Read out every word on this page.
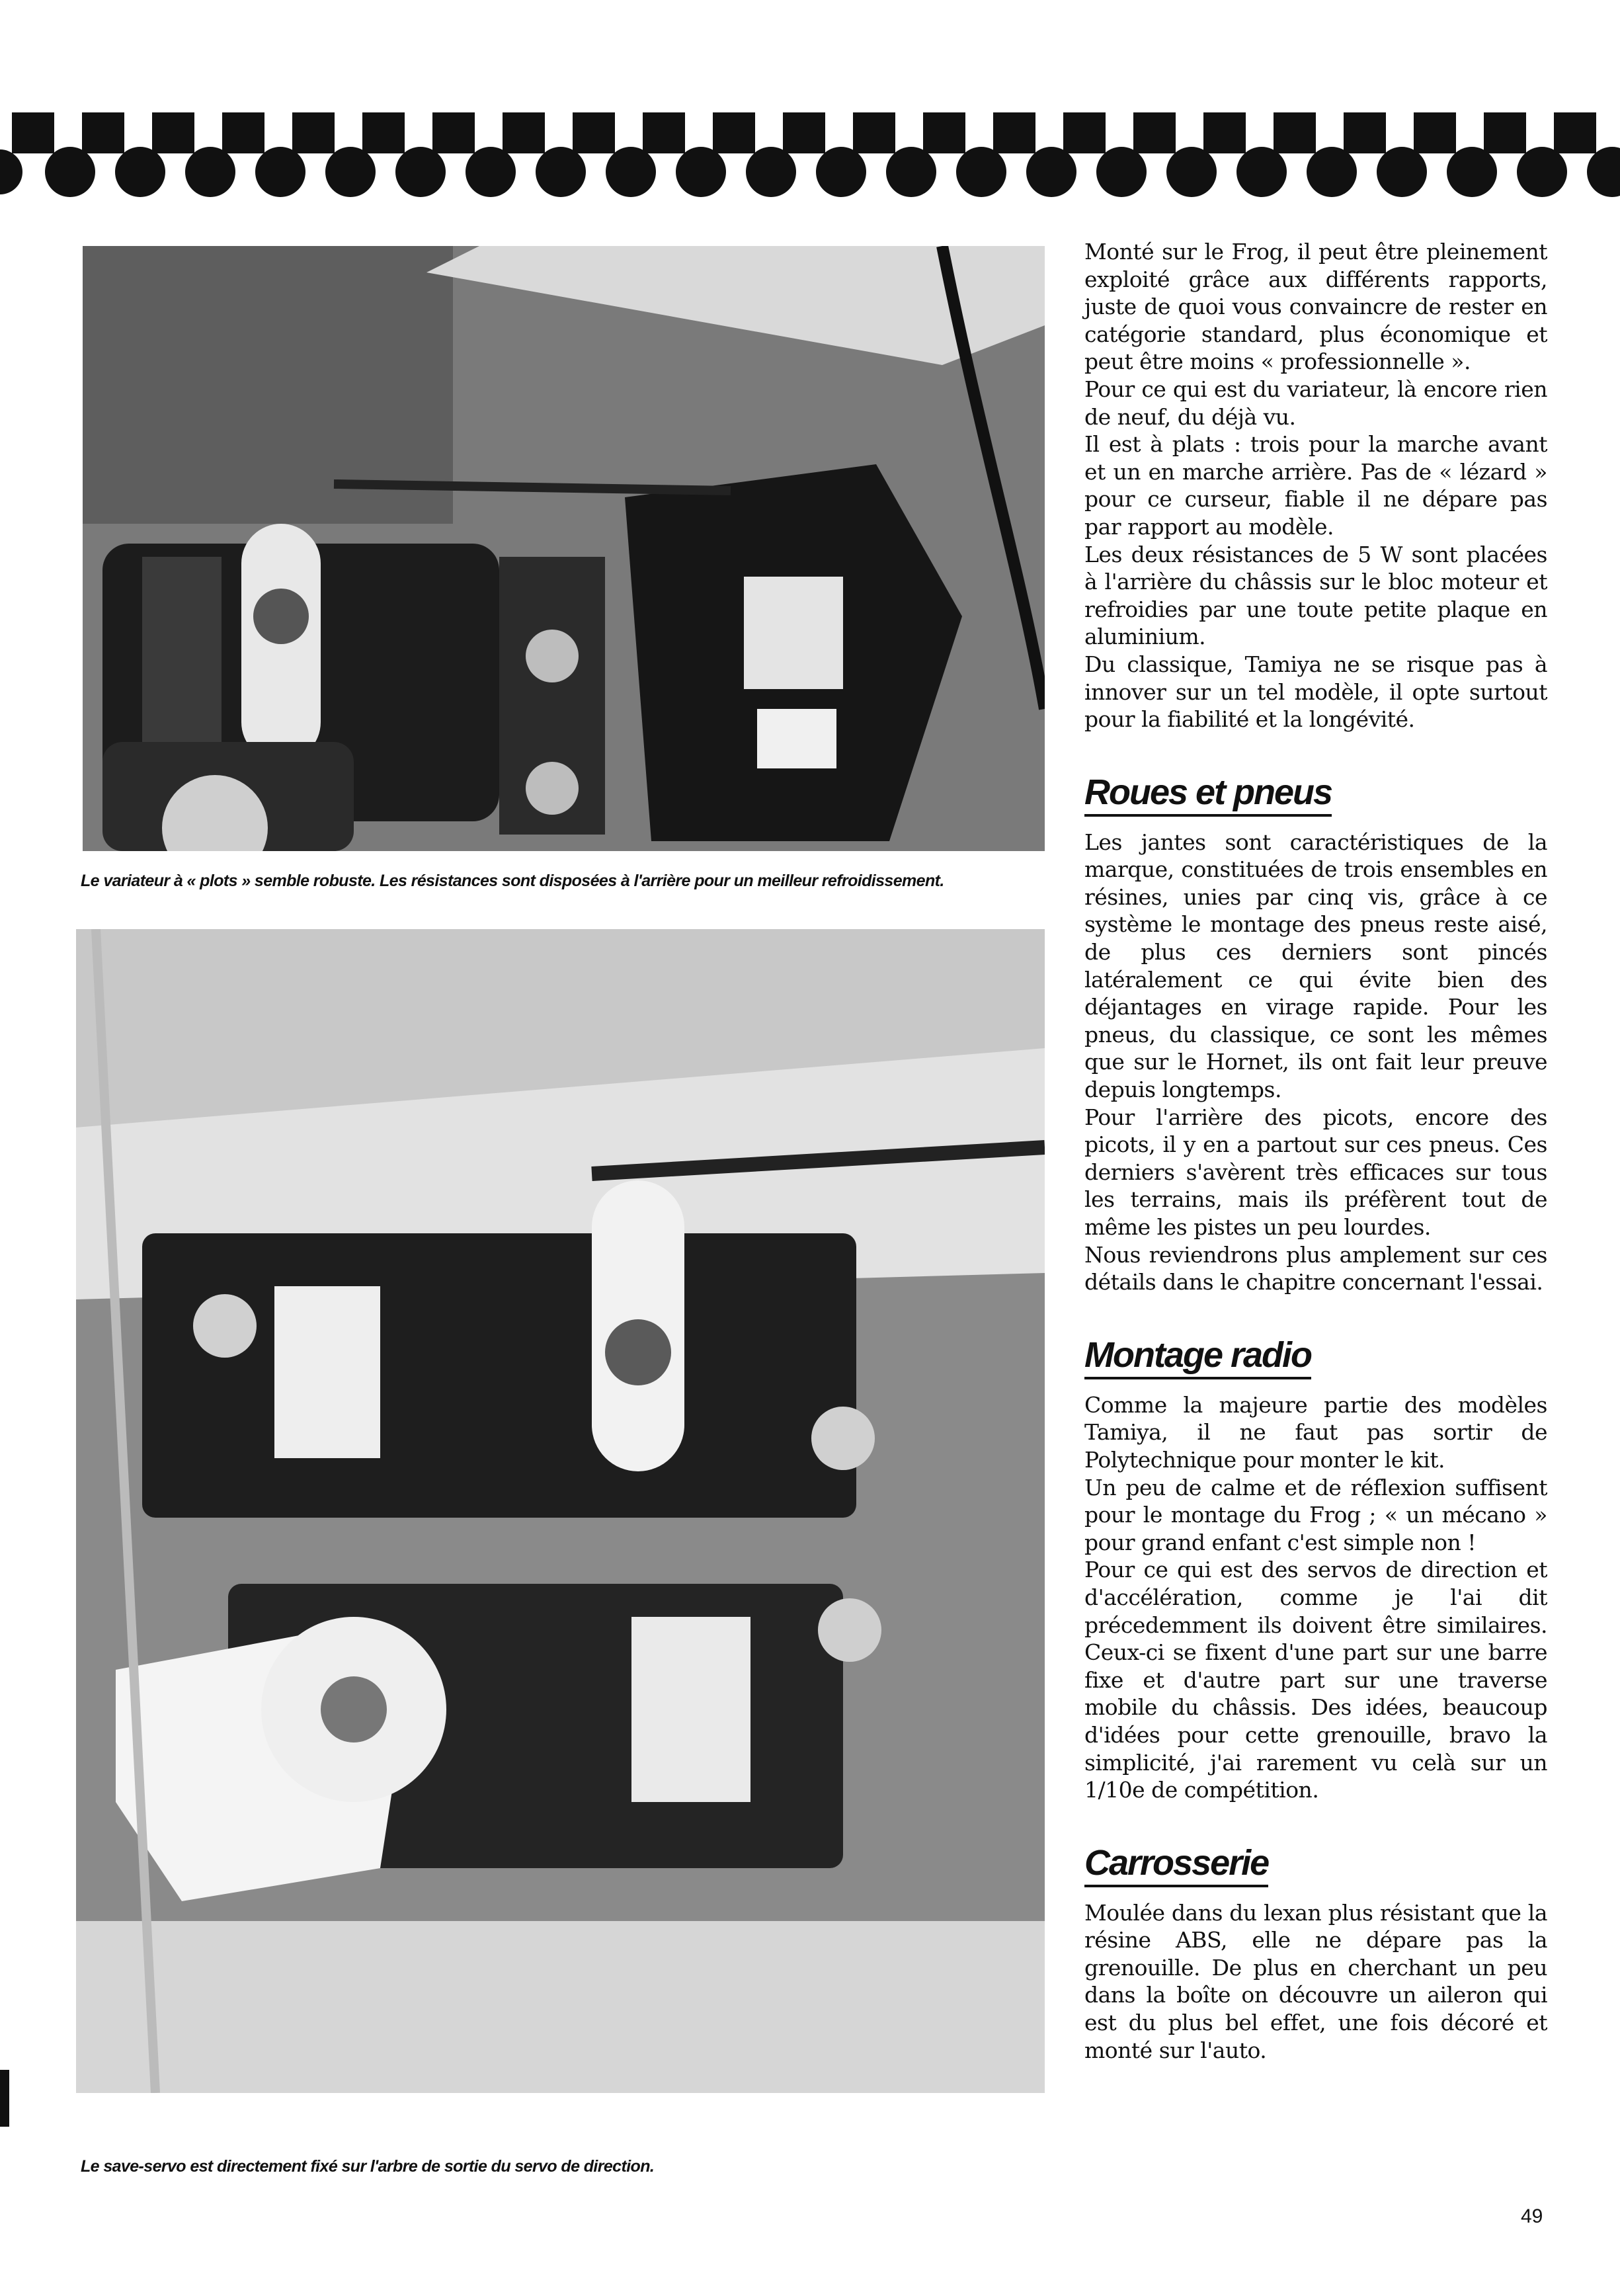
Le variateur à « plots » semble robuste. Les résistances sont disposées à l'arrière pour un meilleur refroidissement.
Le save-servo est directement fixé sur l'arbre de sortie du servo de direction.

Monté sur le Frog, il peut être pleinement exploité grâce aux différents rapports, juste de quoi vous convaincre de rester en catégorie standard, plus économique et peut être moins « professionnelle ».

Pour ce qui est du variateur, là encore rien de neuf, du déjà vu.

Il est à plats : trois pour la marche avant et un en marche arrière. Pas de « lézard » pour ce curseur, fiable il ne dépare pas par rapport au modèle.

Les deux résistances de 5 W sont placées à l'arrière du châssis sur le bloc moteur et refroidies par une toute petite plaque en aluminium.

Du classique, Tamiya ne se risque pas à innover sur un tel modèle, il opte surtout pour la fiabilité et la longévité.

Roues et pneus

Les jantes sont caractéristiques de la marque, constituées de trois ensembles en résines, unies par cinq vis, grâce à ce système le montage des pneus reste aisé, de plus ces derniers sont pincés latéralement ce qui évite bien des déjantages en virage rapide. Pour les pneus, du classique, ce sont les mêmes que sur le Hornet, ils ont fait leur preuve depuis longtemps.

Pour l'arrière des picots, encore des picots, il y en a partout sur ces pneus. Ces derniers s'avèrent très efficaces sur tous les terrains, mais ils préfèrent tout de même les pistes un peu lourdes.

Nous reviendrons plus amplement sur ces détails dans le chapitre concernant l'essai.

Montage radio

Comme la majeure partie des modèles Tamiya, il ne faut pas sortir de Polytechnique pour monter le kit.

Un peu de calme et de réflexion suffisent pour le montage du Frog ; « un mécano » pour grand enfant c'est simple non !

Pour ce qui est des servos de direction et d'accélération, comme je l'ai dit précedemment ils doivent être similaires. Ceux-ci se fixent d'une part sur une barre fixe et d'autre part sur une traverse mobile du châssis. Des idées, beaucoup d'idées pour cette grenouille, bravo la simplicité, j'ai rarement vu celà sur un 1/10e de compétition.

Carrosserie

Moulée dans du lexan plus résistant que la résine ABS, elle ne dépare pas la grenouille. De plus en cherchant un peu dans la boîte on découvre un aileron qui est du plus bel effet, une fois décoré et monté sur l'auto.

49
